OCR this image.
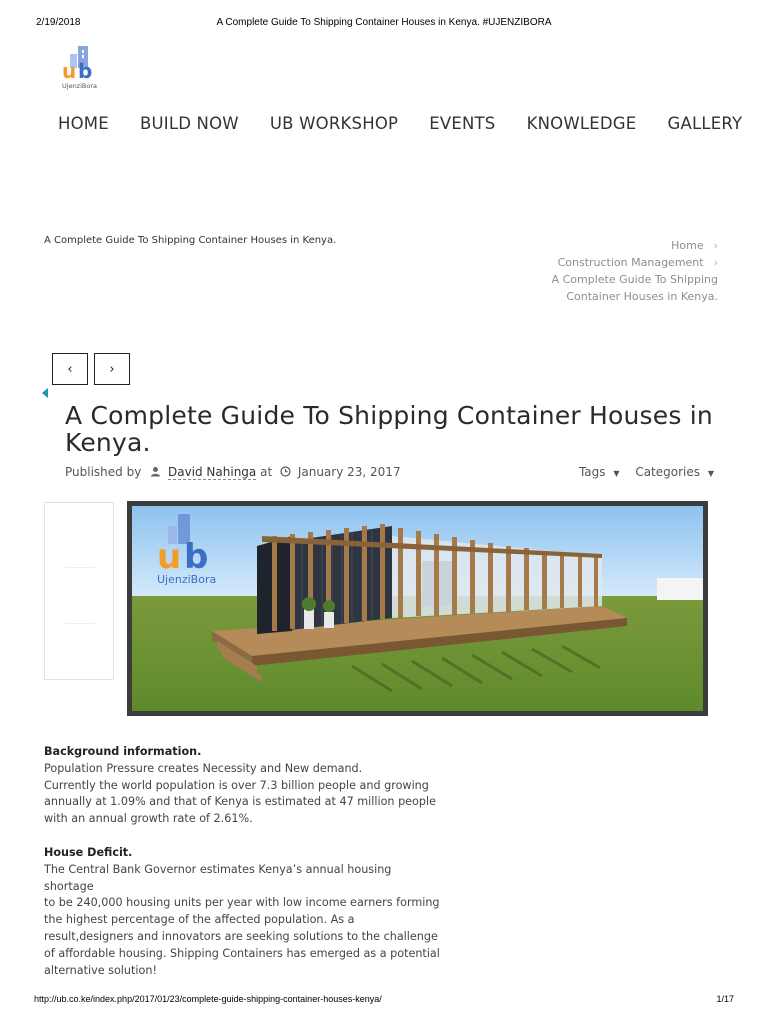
2/19/2018	A Complete Guide To Shipping Container Houses in Kenya. #UJENZIBORA
u b
UjenziBora
HOME BUILD NOW UB WORKSHOP EVENTS KNOWLEDGE GALLERY
A Complete Guide To Shipping Container Houses in Kenya.	Home ›
Construction Management ›
A Complete Guide To Shipping
Container Houses in Kenya.
‹	›
A Complete Guide To Shipping Container Houses in Kenya.
Published by David Nahinga at January 23, 2017	Tags ▼ Categories ▼
u b
UjenziBora
Background information.
Population Pressure creates Necessity and New demand.
Currently the world population is over 7.3 billion people and growing
annually at 1.09% and that of Kenya is estimated at 47 million people
with an annual growth rate of 2.61%.
House Deficit.
The Central Bank Governor estimates Kenya’s annual housing shortage
to be 240,000 housing units per year with low income earners forming
the highest percentage of the affected population. As a
result,designers and innovators are seeking solutions to the challenge
of affordable housing. Shipping Containers has emerged as a potential
alternative solution!
http://ub.co.ke/index.php/2017/01/23/complete-guide-shipping-container-houses-kenya/	1/17
